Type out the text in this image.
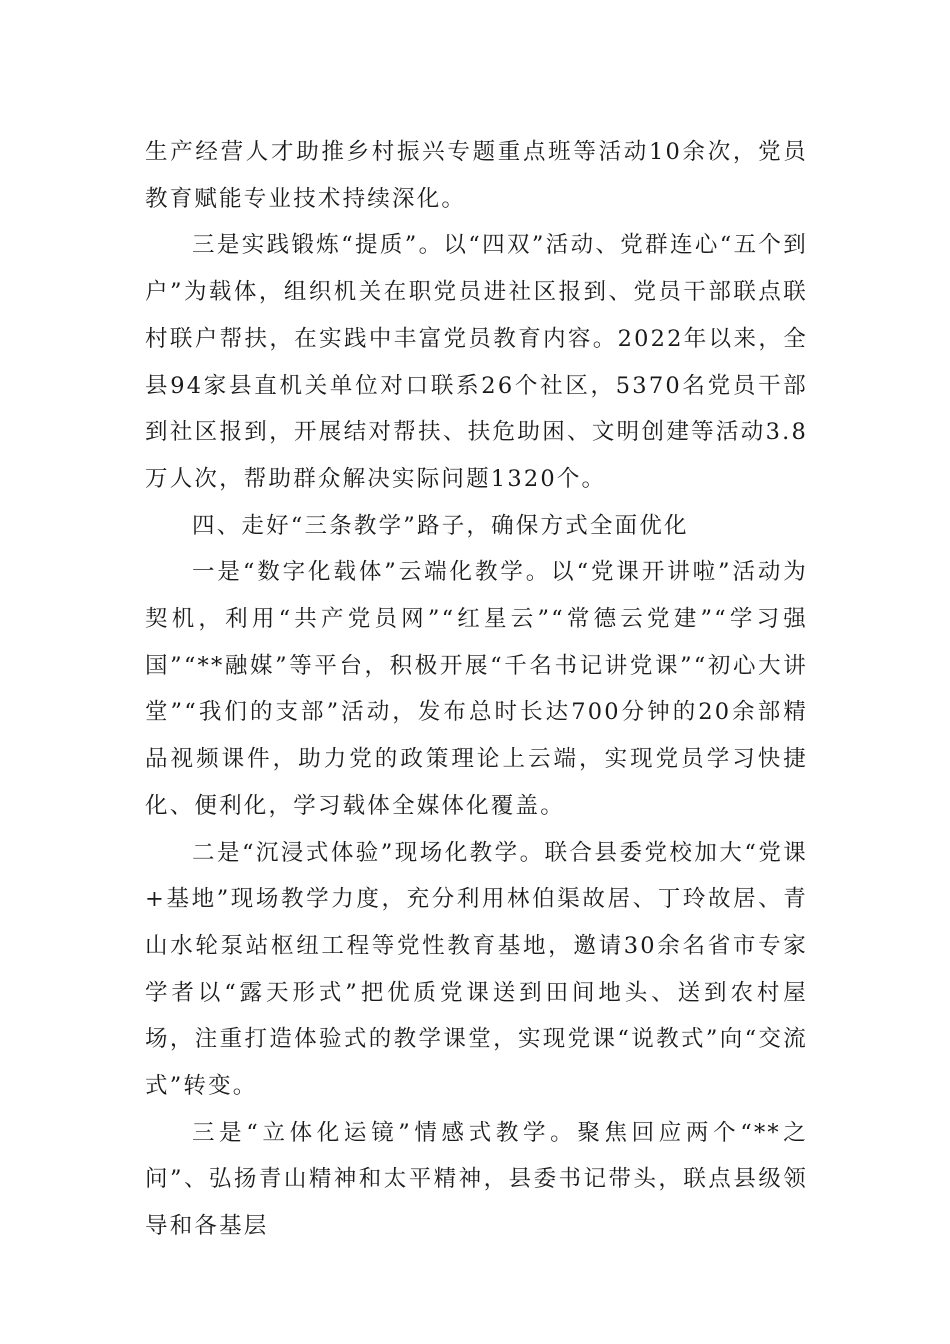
生产经营人才助推乡村振兴专题重点班等活动10余次，党员教育赋能专业技术持续深化。

三是实践锻炼“提质”。以“四双”活动、党群连心“五个到户”为载体，组织机关在职党员进社区报到、党员干部联点联村联户帮扶，在实践中丰富党员教育内容。2022年以来，全县94家县直机关单位对口联系26个社区，5370名党员干部到社区报到，开展结对帮扶、扶危助困、文明创建等活动3.8万人次，帮助群众解决实际问题1320个。

四、走好“三条教学”路子，确保方式全面优化

一是“数字化载体”云端化教学。以“党课开讲啦”活动为契机，利用“共产党员网”“红星云”“常德云党建”“学习强国”“**融媒”等平台，积极开展“千名书记讲党课”“初心大讲堂”“我们的支部”活动，发布总时长达700分钟的20余部精品视频课件，助力党的政策理论上云端，实现党员学习快捷化、便利化，学习载体全媒体化覆盖。

二是“沉浸式体验”现场化教学。联合县委党校加大“党课+基地”现场教学力度，充分利用林伯渠故居、丁玲故居、青山水轮泵站枢纽工程等党性教育基地，邀请30余名省市专家学者以“露天形式”把优质党课送到田间地头、送到农村屋场，注重打造体验式的教学课堂，实现党课“说教式”向“交流式”转变。

三是“立体化运镜”情感式教学。聚焦回应两个“**之问”、弘扬青山精神和太平精神，县委书记带头，联点县级领导和各基层
